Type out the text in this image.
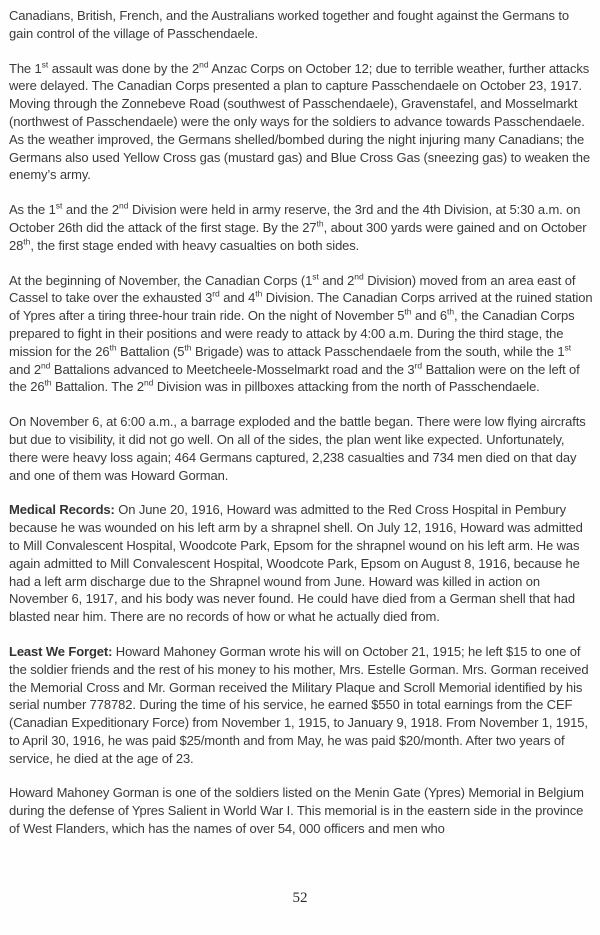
Canadians, British, French, and the Australians worked together and fought against the Germans to gain control of the village of Passchendaele.

The 1st assault was done by the 2nd Anzac Corps on October 12; due to terrible weather, further attacks were delayed. The Canadian Corps presented a plan to capture Passchendaele on October 23, 1917. Moving through the Zonnebeve Road (southwest of Passchendaele), Gravenstafel, and Mosselmarkt (northwest of Passchendaele) were the only ways for the soldiers to advance towards Passchendaele. As the weather improved, the Germans shelled/bombed during the night injuring many Canadians; the Germans also used Yellow Cross gas (mustard gas) and Blue Cross Gas (sneezing gas) to weaken the enemy’s army.

As the 1st and the 2nd Division were held in army reserve, the 3rd and the 4th Division, at 5:30 a.m. on October 26th did the attack of the first stage. By the 27th, about 300 yards were gained and on October 28th, the first stage ended with heavy casualties on both sides.

At the beginning of November, the Canadian Corps (1st and 2nd Division) moved from an area east of Cassel to take over the exhausted 3rd and 4th Division. The Canadian Corps arrived at the ruined station of Ypres after a tiring three-hour train ride. On the night of November 5th and 6th, the Canadian Corps prepared to fight in their positions and were ready to attack by 4:00 a.m. During the third stage, the mission for the 26th Battalion (5th Brigade) was to attack Passchendaele from the south, while the 1st and 2nd Battalions advanced to Meetcheele-Mosselmarkt road and the 3rd Battalion were on the left of the 26th Battalion. The 2nd Division was in pillboxes attacking from the north of Passchendaele.

On November 6, at 6:00 a.m., a barrage exploded and the battle began. There were low flying aircrafts but due to visibility, it did not go well. On all of the sides, the plan went like expected. Unfortunately, there were heavy loss again; 464 Germans captured, 2,238 casualties and 734 men died on that day and one of them was Howard Gorman.

Medical Records: On June 20, 1916, Howard was admitted to the Red Cross Hospital in Pembury because he was wounded on his left arm by a shrapnel shell. On July 12, 1916, Howard was admitted to Mill Convalescent Hospital, Woodcote Park, Epsom for the shrapnel wound on his left arm. He was again admitted to Mill Convalescent Hospital, Woodcote Park, Epsom on August 8, 1916, because he had a left arm discharge due to the Shrapnel wound from June. Howard was killed in action on November 6, 1917, and his body was never found. He could have died from a German shell that had blasted near him. There are no records of how or what he actually died from.

Least We Forget: Howard Mahoney Gorman wrote his will on October 21, 1915; he left $15 to one of the soldier friends and the rest of his money to his mother, Mrs. Estelle Gorman. Mrs. Gorman received the Memorial Cross and Mr. Gorman received the Military Plaque and Scroll Memorial identified by his serial number 778782. During the time of his service, he earned $550 in total earnings from the CEF (Canadian Expeditionary Force) from November 1, 1915, to January 9, 1918. From November 1, 1915, to April 30, 1916, he was paid $25/month and from May, he was paid $20/month. After two years of service, he died at the age of 23.

Howard Mahoney Gorman is one of the soldiers listed on the Menin Gate (Ypres) Memorial in Belgium during the defense of Ypres Salient in World War I. This memorial is in the eastern side in the province of West Flanders, which has the names of over 54, 000 officers and men who

52
